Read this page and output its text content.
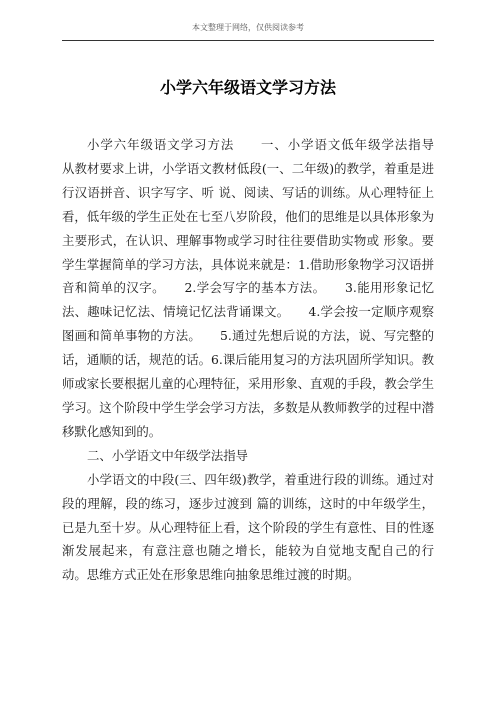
本文整理于网络，仅供阅读参考
小学六年级语文学习方法

小学六年级语文学习方法　　一、小学语文低年级学法指导　　从教材要求上讲，小学语文教材低段(一、二年级)的教学，着重是进行汉语拼音、识字写字、听 说、阅读、写话的训练。从心理特征上看，低年级的学生正处在七至八岁阶段，他们的思维是以具体形象为主要形式，在认识、理解事物或学习时往往要借助实物或 形象。要学生掌握简单的学习方法，具体说来就是：1.借助形象物学习汉语拼音和简单的汉字。　　2.学会写字的基本方法。　　3.能用形象记忆法、趣味记忆法、情境记忆法背诵课文。　　4.学会按一定顺序观察图画和简单事物的方法。　　5.通过先想后说的方法，说、写完整的话，通顺的话，规范的话。6.课后能用复习的方法巩固所学知识。教师或家长要根据儿童的心理特征，采用形象、直观的手段，教会学生学习。这个阶段中学生学会学习方法，多数是从教师教学的过程中潜移默化感知到的。

二、小学语文中年级学法指导

小学语文的中段(三、四年级)教学，着重进行段的训练。通过对段的理解，段的练习，逐步过渡到 篇的训练，这时的中年级学生，已是九至十岁。从心理特征上看，这个阶段的学生有意性、目的性逐渐发展起来，有意注意也随之增长，能较为自觉地支配自己的行 动。思维方式正处在形象思维向抽象思维过渡的时期。
